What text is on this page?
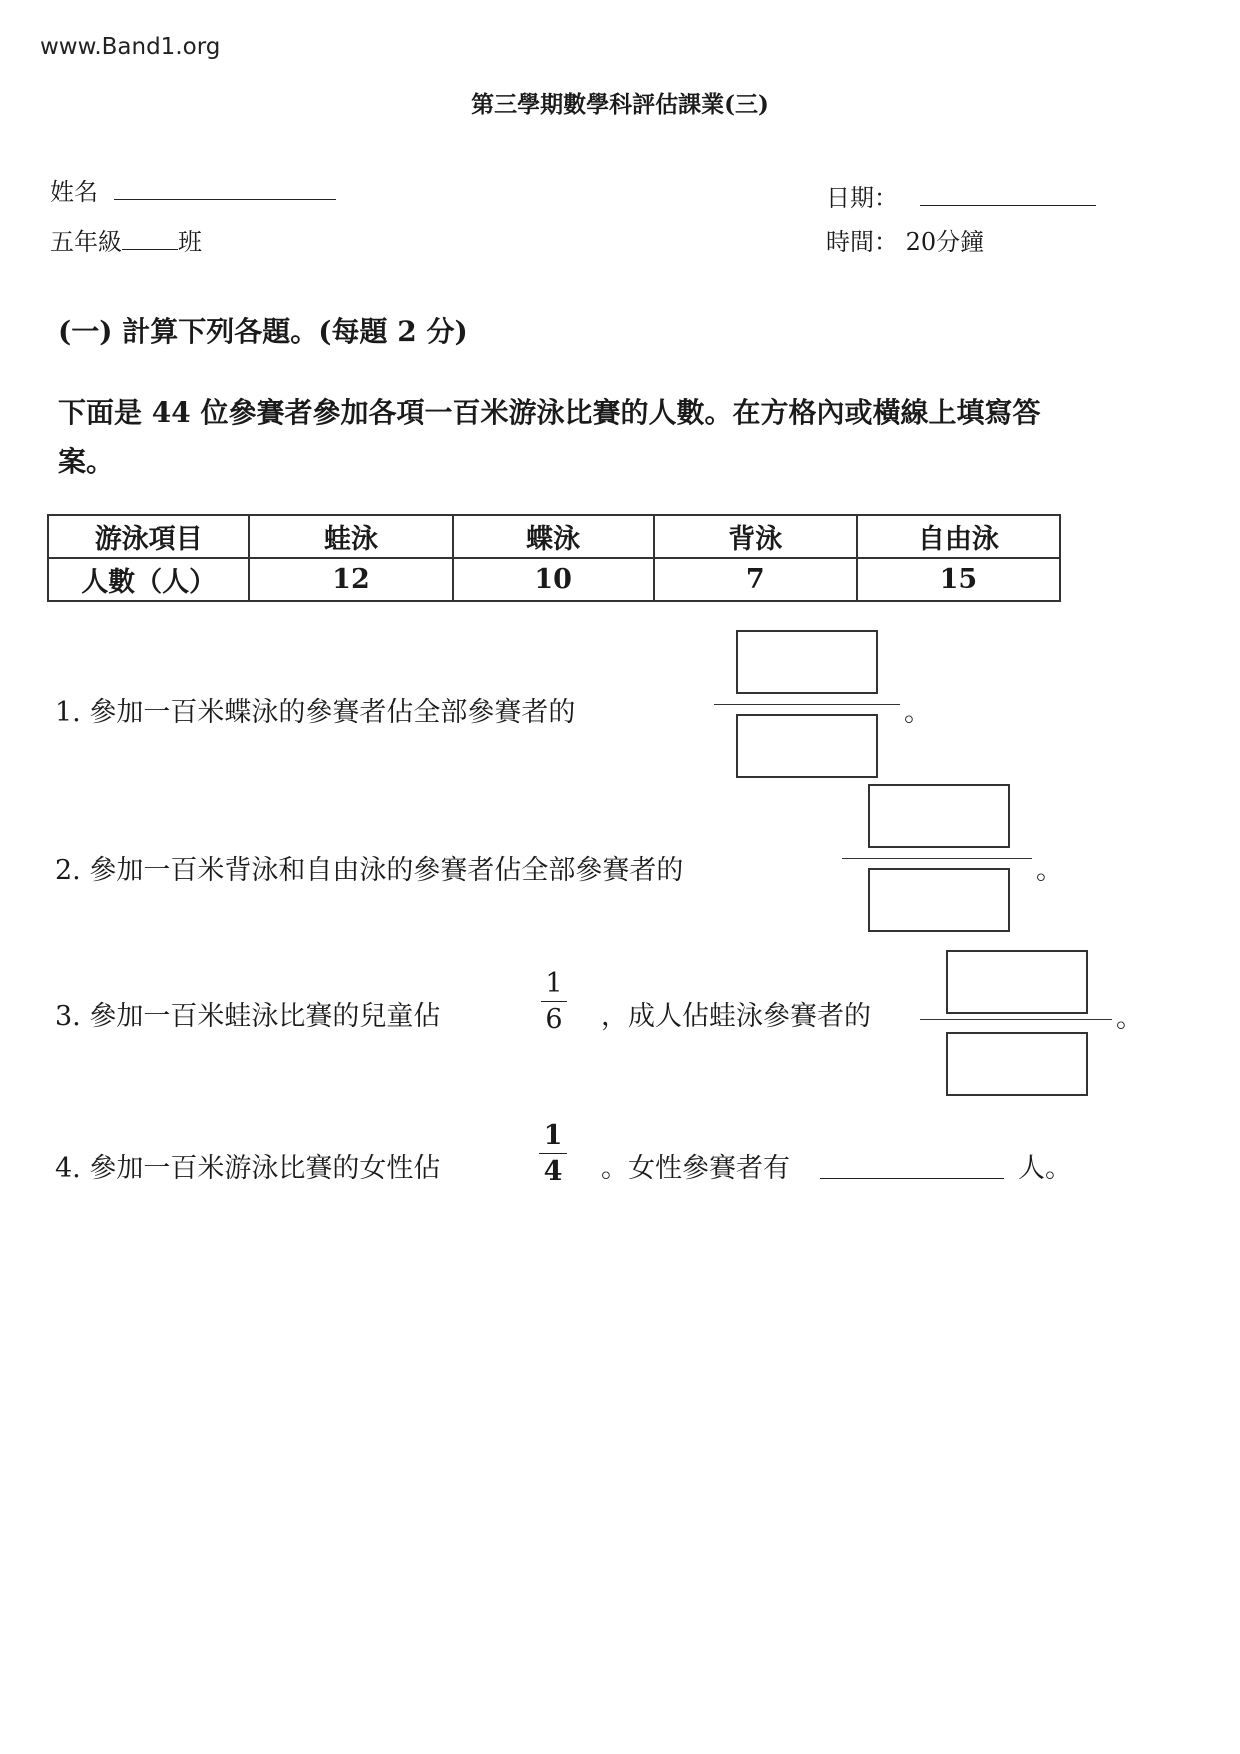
www.Band1.org
第三學期數學科評估課業(三)
姓名
五年級 班
日期：
時間： 20分鐘
(一) 計算下列各題。(每題 2 分)
下面是 44 位參賽者參加各項一百米游泳比賽的人數。在方格內或橫線上填寫答案。
游泳項目	蛙泳	蝶泳	背泳	自由泳
人數（人）	12	10	7	15
1. 參加一百米蝶泳的參賽者佔全部參賽者的	。
2. 參加一百米背泳和自由泳的參賽者佔全部參賽者的	。
3. 參加一百米蛙泳比賽的兒童佔
1
6 ，成人佔蛙泳參賽者的	。
4. 參加一百米游泳比賽的女性佔
1
4 。女性參賽者有	人。
